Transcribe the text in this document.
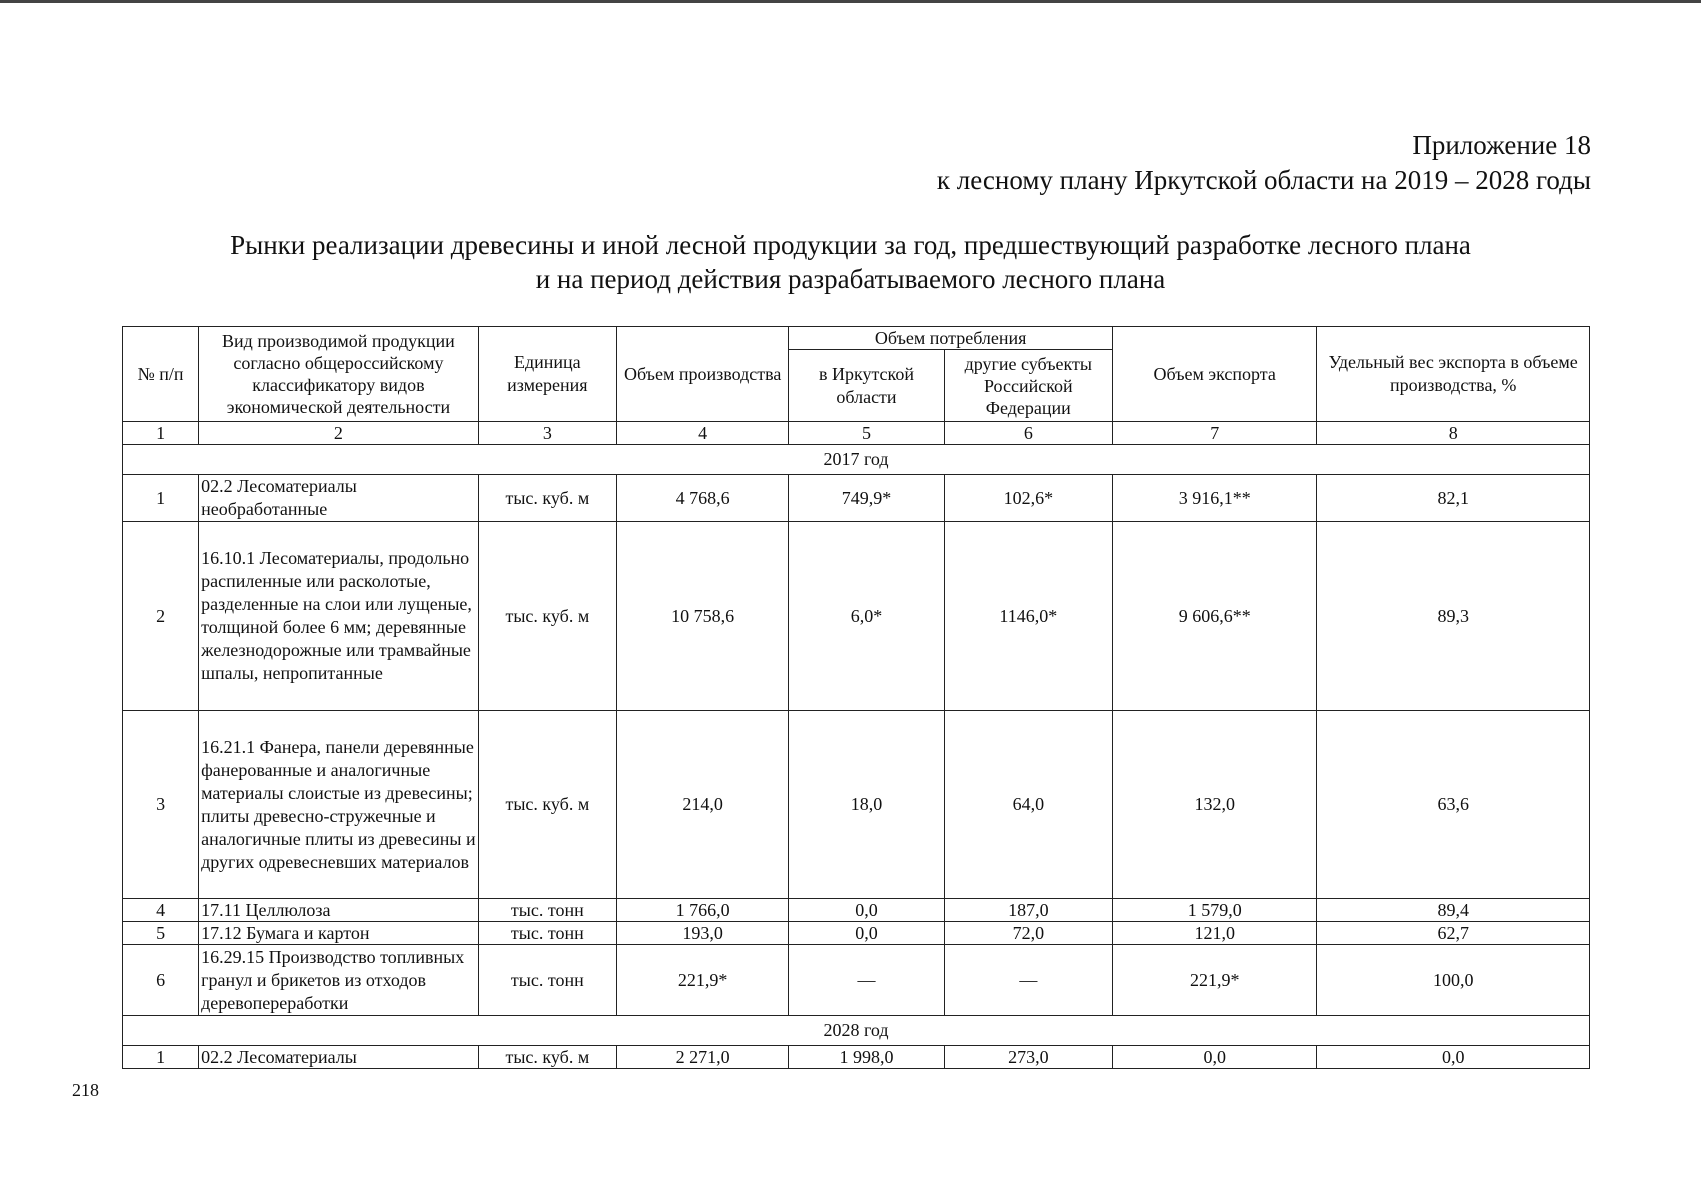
Приложение 18
к лесному плану Иркутской области на 2019 – 2028 годы
Рынки реализации древесины и иной лесной продукции за год, предшествующий разработке лесного плана
и на период действия разрабатываемого лесного плана
№ п/п	Вид производимой продукции согласно общероссийскому классификатору видов экономической деятельности	Единица измерения	Объем производства	Объем потребления		Объем экспорта	Удельный вес экспорта в объеме производства, %
				в Иркутской области	другие субъекты Российской Федерации		
1	2	3	4	5	6	7	8
2017 год							
1	02.2 Лесоматериалы необработанные	тыс. куб. м	4 768,6	749,9*	102,6*	3 916,1**	82,1
2	16.10.1 Лесоматериалы, продольно распиленные или расколотые, разделенные на слои или лущеные, толщиной более 6 мм; деревянные железнодорожные или трамвайные шпалы, непропитанные	тыс. куб. м	10 758,6	6,0*	1146,0*	9 606,6**	89,3
3	16.21.1 Фанера, панели деревянные фанерованные и аналогичные материалы слоистые из древесины; плиты древесно-стружечные и аналогичные плиты из древесины и других одревесневших материалов	тыс. куб. м	214,0	18,0	64,0	132,0	63,6
4	17.11 Целлюлоза	тыс. тонн	1 766,0	0,0	187,0	1 579,0	89,4
5	17.12 Бумага и картон	тыс. тонн	193,0	0,0	72,0	121,0	62,7
6	16.29.15 Производство топливных гранул и брикетов из отходов деревопереработки	тыс. тонн	221,9*	—	—	221,9*	100,0
2028 год							
1	02.2 Лесоматериалы	тыс. куб. м	2 271,0	1 998,0	273,0	0,0	0,0
218
